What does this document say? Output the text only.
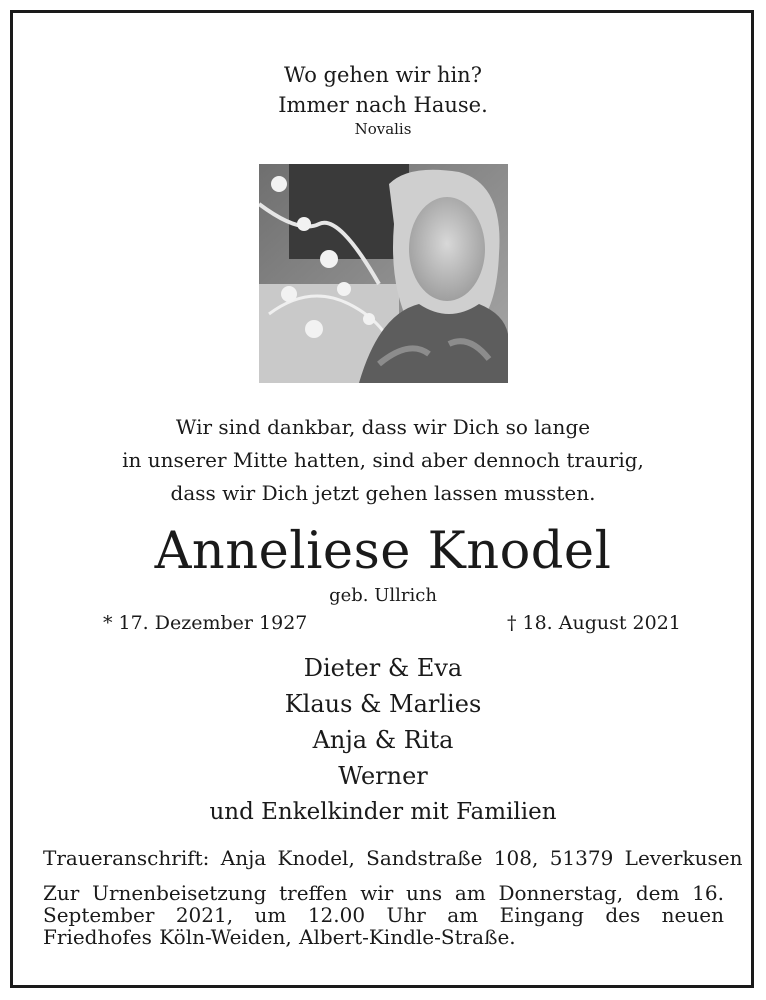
Wo gehen wir hin?
Immer nach Hause.
Novalis
Wir sind dankbar, dass wir Dich so lange
in unserer Mitte hatten, sind aber dennoch traurig,
dass wir Dich jetzt gehen lassen mussten.
Anneliese Knodel
geb. Ullrich
* 17. Dezember 1927	† 18. August 2021
Dieter & Eva
Klaus & Marlies
Anja & Rita
Werner
und Enkelkinder mit Familien
Traueranschrift: Anja Knodel, Sandstraße 108, 51379 Leverkusen
Zur Urnenbeisetzung treffen wir uns am Donnerstag, dem 16. September 2021, um 12.00 Uhr am Eingang des neuen Friedhofes Köln-Weiden, Albert-Kindle-Straße.
